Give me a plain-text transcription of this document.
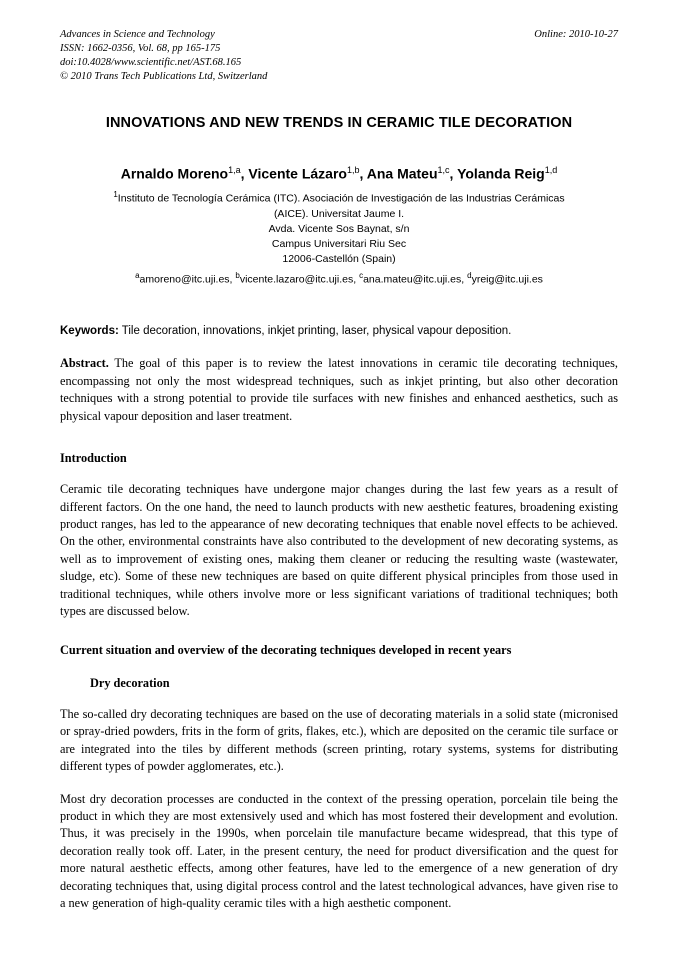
Advances in Science and Technology
ISSN: 1662-0356, Vol. 68, pp 165-175
doi:10.4028/www.scientific.net/AST.68.165
© 2010 Trans Tech Publications Ltd, Switzerland
Online: 2010-10-27
INNOVATIONS AND NEW TRENDS IN CERAMIC TILE DECORATION
Arnaldo Moreno$^{1,a}$, Vicente Lázaro$^{1,b}$, Ana Mateu$^{1,c}$, Yolanda Reig$^{1,d}$
$^1$Instituto de Tecnología Cerámica (ITC). Asociación de Investigación de las Industrias Cerámicas
(AICE). Universitat Jaume I.
Avda. Vicente Sos Baynat, s/n
Campus Universitari Riu Sec
12006-Castellón (Spain)
$^a$amoreno@itc.uji.es, $^b$vicente.lazaro@itc.uji.es, $^c$ana.mateu@itc.uji.es, $^d$yreig@itc.uji.es
Keywords: Tile decoration, innovations, inkjet printing, laser, physical vapour deposition.
Abstract. The goal of this paper is to review the latest innovations in ceramic tile decorating techniques, encompassing not only the most widespread techniques, such as inkjet printing, but also other decoration techniques with a strong potential to provide tile surfaces with new finishes and enhanced aesthetics, such as physical vapour deposition and laser treatment.
Introduction

Ceramic tile decorating techniques have undergone major changes during the last few years as a result of different factors. On the one hand, the need to launch products with new aesthetic features, broadening existing product ranges, has led to the appearance of new decorating techniques that enable novel effects to be achieved. On the other, environmental constraints have also contributed to the development of new decorating systems, as well as to improvement of existing ones, making them cleaner or reducing the resulting waste (wastewater, sludge, etc). Some of these new techniques are based on quite different physical principles from those used in traditional techniques, while others involve more or less significant variations of traditional techniques; both types are discussed below.

Current situation and overview of the decorating techniques developed in recent years
Dry decoration

The so-called dry decorating techniques are based on the use of decorating materials in a solid state (micronised or spray-dried powders, frits in the form of grits, flakes, etc.), which are deposited on the ceramic tile surface or are integrated into the tiles by different methods (screen printing, rotary systems, systems for distributing different types of powder agglomerates, etc.).

Most dry decoration processes are conducted in the context of the pressing operation, porcelain tile being the product in which they are most extensively used and which has most fostered their development and evolution. Thus, it was precisely in the 1990s, when porcelain tile manufacture became widespread, that this type of decoration really took off. Later, in the present century, the need for product diversification and the quest for more natural aesthetic effects, among other features, have led to the emergence of a new generation of dry decorating techniques that, using digital process control and the latest technological advances, have given rise to a new generation of high-quality ceramic tiles with a high aesthetic component.
